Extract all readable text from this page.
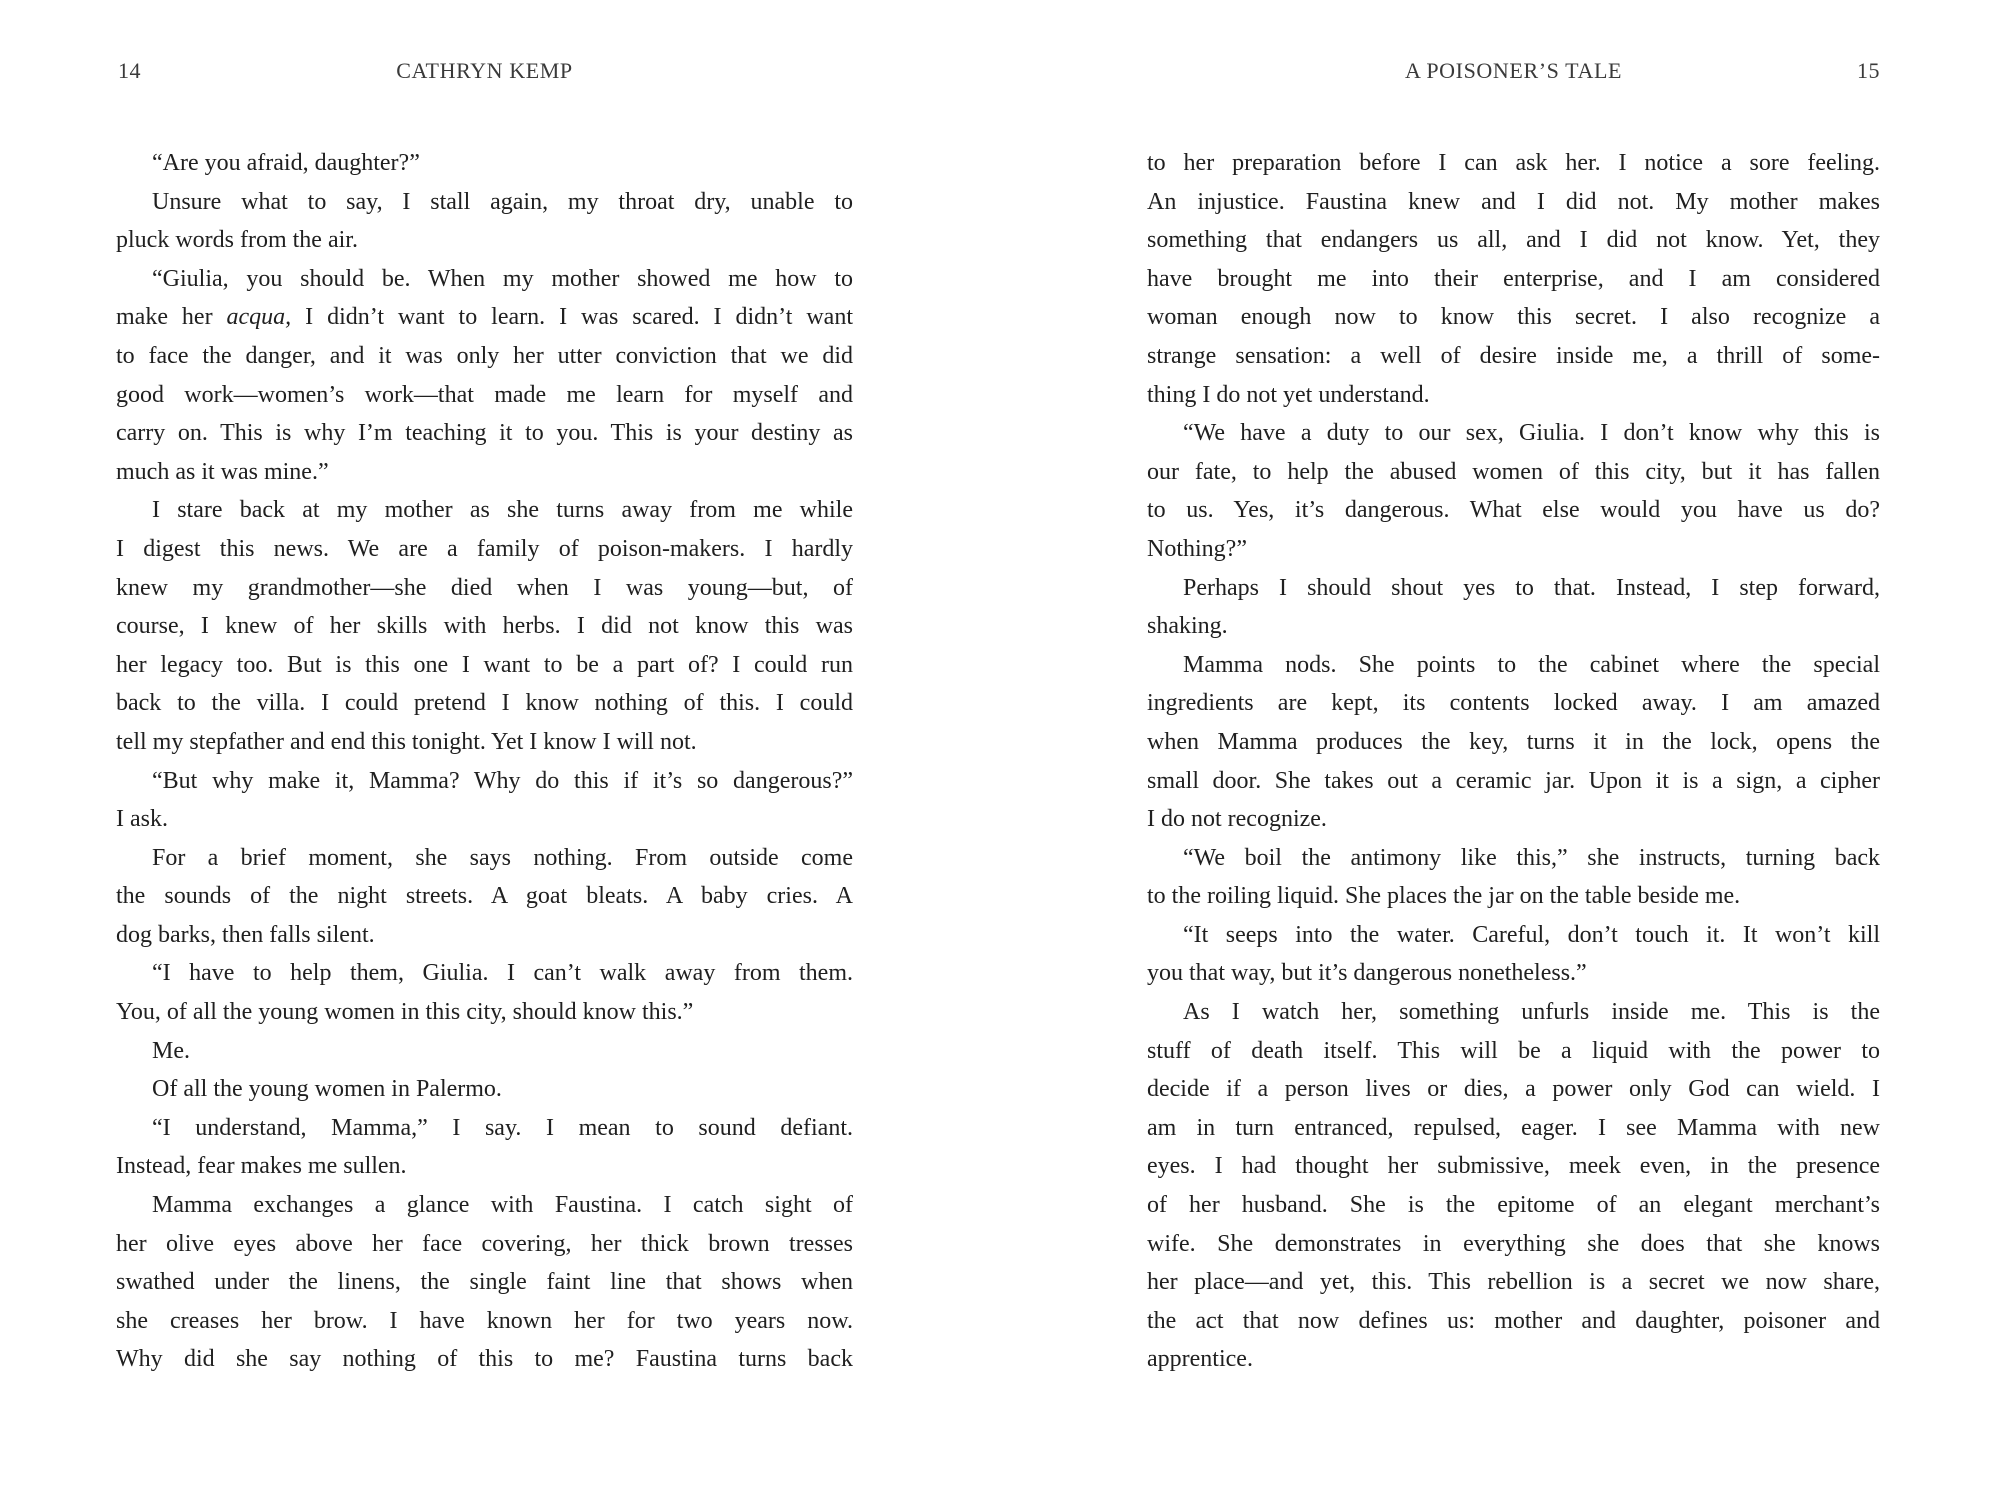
14	CATHRYN KEMP
“Are you afraid, daughter?”
Unsure what to say, I stall again, my throat dry, unable to
pluck words from the air.
“Giulia, you should be. When my mother showed me how to
make her acqua, I didn’t want to learn. I was scared. I didn’t want
to face the danger, and it was only her utter conviction that we did
good work—women’s work—that made me learn for myself and
carry on. This is why I’m teaching it to you. This is your destiny as
much as it was mine.”
I stare back at my mother as she turns away from me while
I digest this news. We are a family of poison-makers. I hardly
knew my grandmother—she died when I was young—but, of
course, I knew of her skills with herbs. I did not know this was
her legacy too. But is this one I want to be a part of? I could run
back to the villa. I could pretend I know nothing of this. I could
tell my stepfather and end this tonight. Yet I know I will not.
“But why make it, Mamma? Why do this if it’s so dangerous?”
I ask.
For a brief moment, she says nothing. From outside come
the sounds of the night streets. A goat bleats. A baby cries. A
dog barks, then falls silent.
“I have to help them, Giulia. I can’t walk away from them.
You, of all the young women in this city, should know this.”
Me.
Of all the young women in Palermo.
“I understand, Mamma,” I say. I mean to sound defiant.
Instead, fear makes me sullen.
Mamma exchanges a glance with Faustina. I catch sight of
her olive eyes above her face covering, her thick brown tresses
swathed under the linens, the single faint line that shows when
she creases her brow. I have known her for two years now.
Why did she say nothing of this to me? Faustina turns back
A POISONER’S TALE	15
to her preparation before I can ask her. I notice a sore feeling.
An injustice. Faustina knew and I did not. My mother makes
something that endangers us all, and I did not know. Yet, they
have brought me into their enterprise, and I am considered
woman enough now to know this secret. I also recognize a
strange sensation: a well of desire inside me, a thrill of some-
thing I do not yet understand.
“We have a duty to our sex, Giulia. I don’t know why this is
our fate, to help the abused women of this city, but it has fallen
to us. Yes, it’s dangerous. What else would you have us do?
Nothing?”
Perhaps I should shout yes to that. Instead, I step forward,
shaking.
Mamma nods. She points to the cabinet where the special
ingredients are kept, its contents locked away. I am amazed
when Mamma produces the key, turns it in the lock, opens the
small door. She takes out a ceramic jar. Upon it is a sign, a cipher
I do not recognize.
“We boil the antimony like this,” she instructs, turning back
to the roiling liquid. She places the jar on the table beside me.
“It seeps into the water. Careful, don’t touch it. It won’t kill
you that way, but it’s dangerous nonetheless.”
As I watch her, something unfurls inside me. This is the
stuff of death itself. This will be a liquid with the power to
decide if a person lives or dies, a power only God can wield. I
am in turn entranced, repulsed, eager. I see Mamma with new
eyes. I had thought her submissive, meek even, in the presence
of her husband. She is the epitome of an elegant merchant’s
wife. She demonstrates in everything she does that she knows
her place—and yet, this. This rebellion is a secret we now share,
the act that now defines us: mother and daughter, poisoner and
apprentice.
